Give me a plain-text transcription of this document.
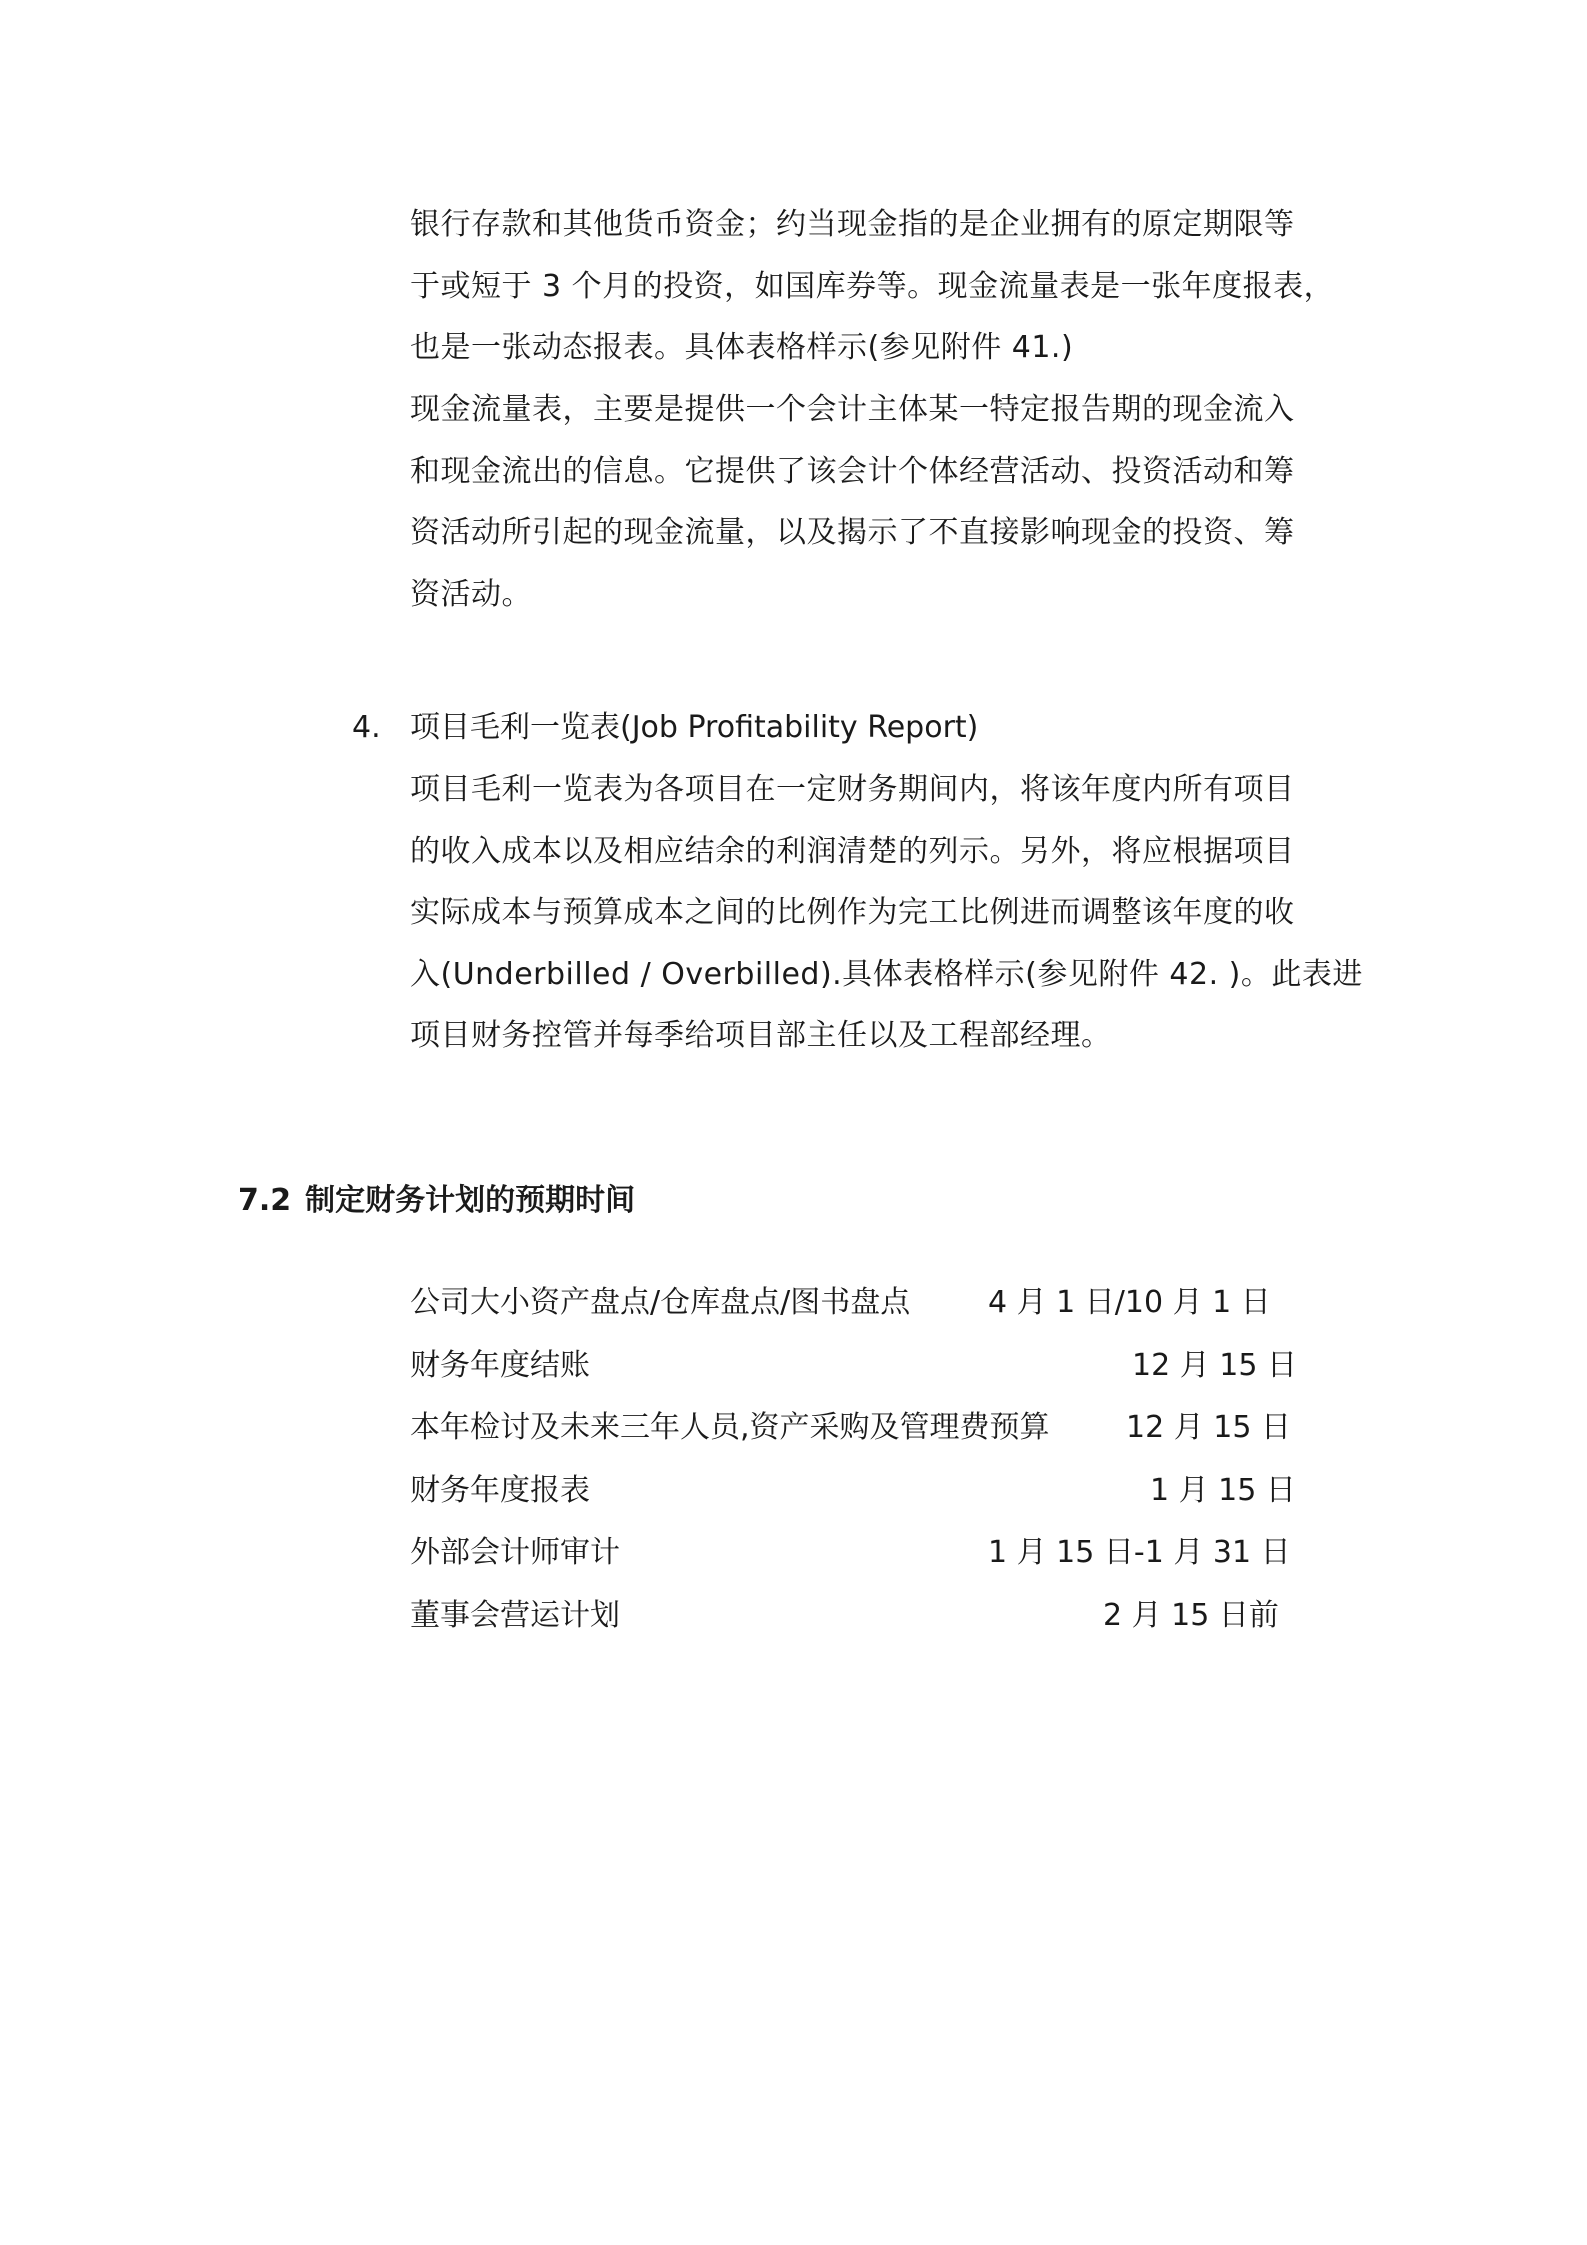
银行存款和其他货币资金；约当现金指的是企业拥有的原定期限等
于或短于 3 个月的投资，如国库券等。现金流量表是一张年度报表，
也是一张动态报表。具体表格样示(参见附件 41.)

现金流量表，主要是提供一个会计主体某一特定报告期的现金流入
和现金流出的信息。它提供了该会计个体经营活动、投资活动和筹
资活动所引起的现金流量，以及揭示了不直接影响现金的投资、筹
资活动。

4. 项目毛利一览表(Job Profitability Report)

项目毛利一览表为各项目在一定财务期间内，将该年度内所有项目
的收入成本以及相应结余的利润清楚的列示。另外，将应根据项目
实际成本与预算成本之间的比例作为完工比例进而调整该年度的收
入(Underbilled / Overbilled).具体表格样示(参见附件 42. )。此表进
项目财务控管并每季给项目部主任以及工程部经理。

7.2 制定财务计划的预期时间
公司大小资产盘点/仓库盘点/图书盘点	4 月 1 日/10 月 1 日
财务年度结账	12 月 15 日
本年检讨及未来三年人员,资产采购及管理费预算	12 月 15 日
财务年度报表	1 月 15 日
外部会计师审计	1 月 15 日-1 月 31 日
董事会营运计划	2 月 15 日前
